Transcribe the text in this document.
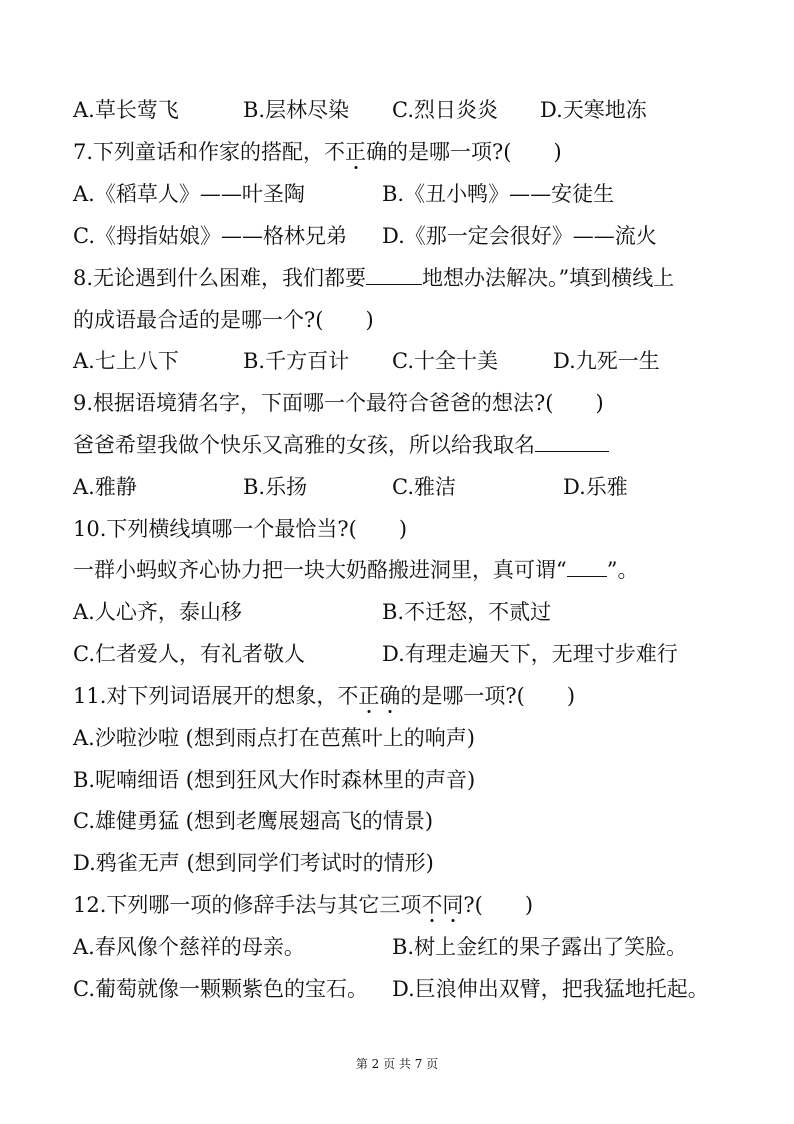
A.草长莺飞	B.层林尽染 C.烈日炎炎 D.天寒地冻
7.下列童话和作家的搭配，不正确的是哪一项?(　　)
A.《稻草人》——叶圣陶	B.《丑小鸭》——安徒生
C.《拇指姑娘》——格林兄弟 D.《那一定会很好》——流火
8.无论遇到什么困难，我们都要	地想办法解决。”填到横线上
的成语最合适的是哪一个?(　　)
A.七上八下	B.千方百计 C.十全十美	D.九死一生
9.根据语境猜名字，下面哪一个最符合爸爸的想法?(　　)
爸爸希望我做个快乐又高雅的女孩，所以给我取名
A.雅静	B.乐扬	C.雅洁	D.乐雅
10.下列横线填哪一个最恰当?(　　)
一群小蚂蚁齐心协力把一块大奶酪搬进洞里，真可谓“ ”。
A.人心齐，泰山移	B.不迁怒，不贰过
C.仁者爱人，有礼者敬人	D.有理走遍天下，无理寸步难行
11.对下列词语展开的想象，不正确的是哪一项?(　　)
A.沙啦沙啦 (想到雨点打在芭蕉叶上的响声)
B.呢喃细语 (想到狂风大作时森林里的声音)
C.雄健勇猛 (想到老鹰展翅高飞的情景)
D.鸦雀无声 (想到同学们考试时的情形)
12.下列哪一项的修辞手法与其它三项不同?(　　)
A.春风像个慈祥的母亲。	B.树上金红的果子露出了笑脸。
C.葡萄就像一颗颗紫色的宝石。 D.巨浪伸出双臂，把我猛地托起。
第 2 页 共 7 页
